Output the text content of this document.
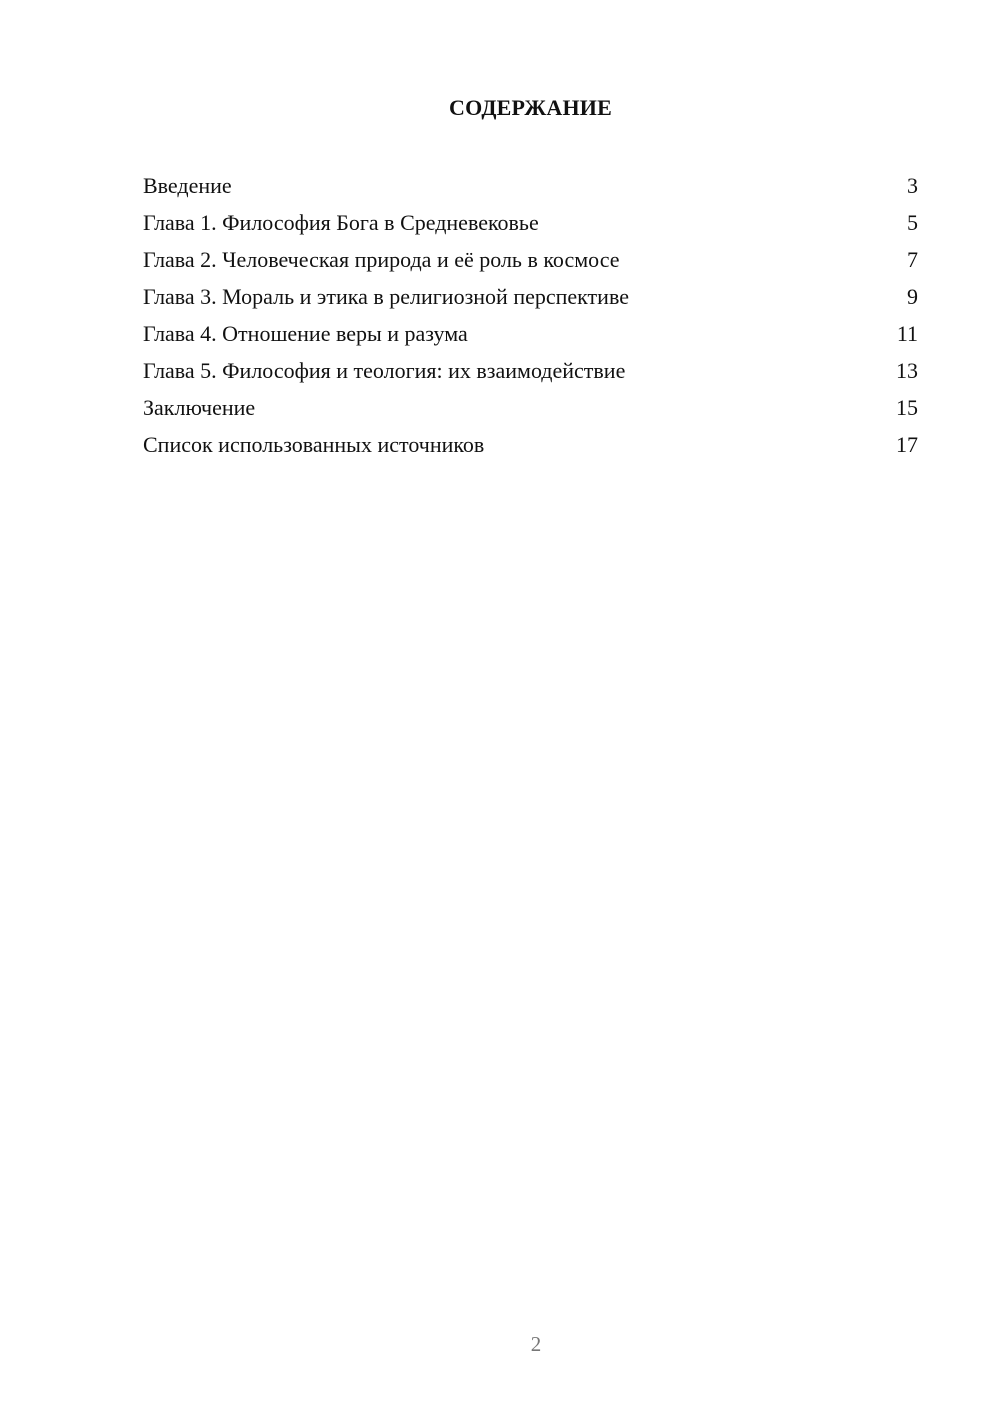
СОДЕРЖАНИЕ
Введение	3
Глава 1. Философия Бога в Средневековье	5
Глава 2. Человеческая природа и её роль в космосе	7
Глава 3. Мораль и этика в религиозной перспективе	9
Глава 4. Отношение веры и разума	11
Глава 5. Философия и теология: их взаимодействие	13
Заключение	15
Список использованных источников	17
2
